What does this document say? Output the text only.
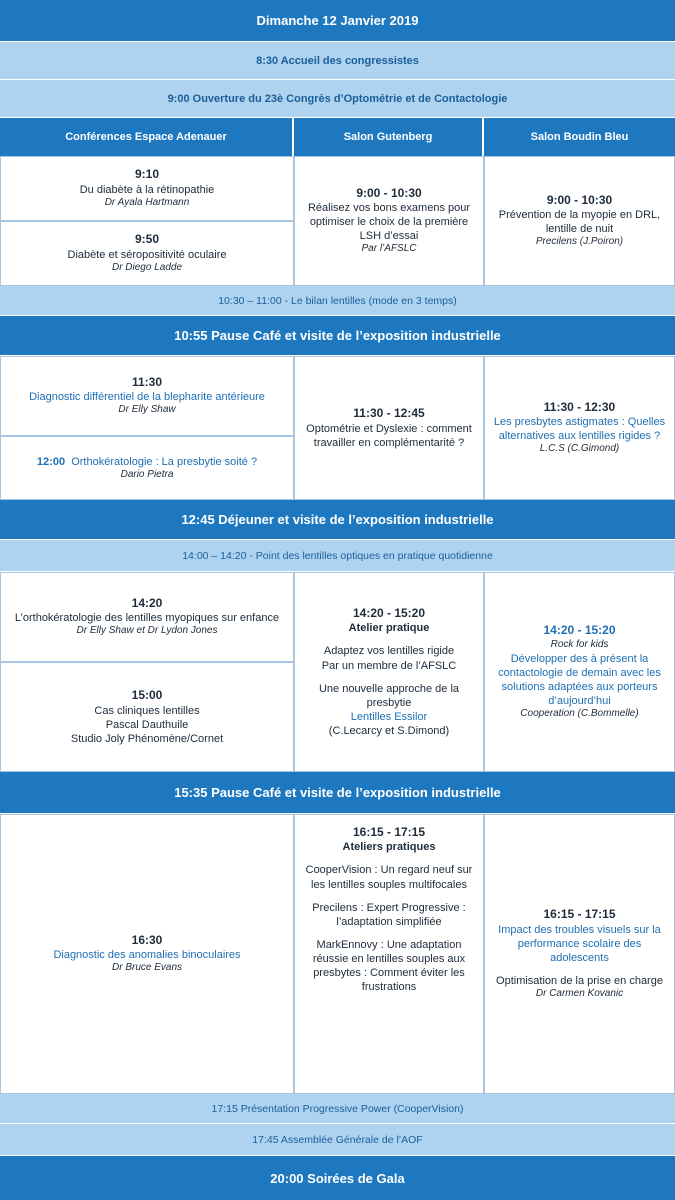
Dimanche 12 Janvier 2019
8:30 Accueil des congressistes
9:00 Ouverture du 23è Congrès d’Optométrie et de Contactologie
Conférences Espace Adenauer	Salon Gutenberg	Salon Boudin Bleu
9:10
Du diabète à la rétinopathie
Dr Ayala Hartmann
9:50
Diabète et séropositivité oculaire
Dr Diego Ladde
9:00 - 10:30
Réalisez vos bons examens pour optimiser le choix de la première LSH d’essai
Par l’AFSLC
9:00 - 10:30
Prévention de la myopie en DRL, lentille de nuit
Precilens (J.Poiron)
10:30 – 11:00 - Le bilan lentilles (mode en 3 temps)
10:55 Pause Café et visite de l’exposition industrielle
11:30
Diagnostic différentiel de la blepharite antérieure
Dr Elly Shaw
12:00 Orthokératologie : La presbytie soité ?
Dario Pietra
11:30 - 12:45
Optométrie et Dyslexie : comment travailler en complémentarité ?
11:30 - 12:30
Les presbytes astigmates : Quelles alternatives aux lentilles rigides ?
L.C.S (C.Gimond)
12:45 Déjeuner et visite de l’exposition industrielle
14:00 – 14:20 - Point des lentilles optiques en pratique quotidienne
14:20
L’orthokératologie des lentilles myopiques sur enfance
Dr Elly Shaw et Dr Lydon Jones
15:00
Cas cliniques lentilles
Pascal Dauthuile
Studio Joly Phénomène/Cornet
14:20 - 15:20
Atelier pratique
Adaptez vos lentilles rigide
Par un membre de l’AFSLC
Une nouvelle approche de la presbytie
Lentilles Essilor
(C.Lecarcy et S.Dimond)
14:20 - 15:20
Rock for kids
Développer des à présent la contactologie de demain avec les solutions adaptées aux porteurs d’aujourd’hui
Cooperation (C.Bommelle)
15:35 Pause Café et visite de l’exposition industrielle
16:30
Diagnostic des anomalies binoculaires
Dr Bruce Evans
16:15 - 17:15
Ateliers pratiques
CooperVision : Un regard neuf sur les lentilles souples multifocales
Precilens : Expert Progressive : l’adaptation simplifiée
MarkEnnovy : Une adaptation réussie en lentilles souples aux presbytes : Comment éviter les frustrations
16:15 - 17:15
Impact des troubles visuels sur la performance scolaire des adolescents
Optimisation de la prise en charge
Dr Carmen Kovanic
17:15 Présentation Progressive Power (CooperVision)
17:45 Assemblée Générale de l’AOF
20:00 Soirées de Gala
